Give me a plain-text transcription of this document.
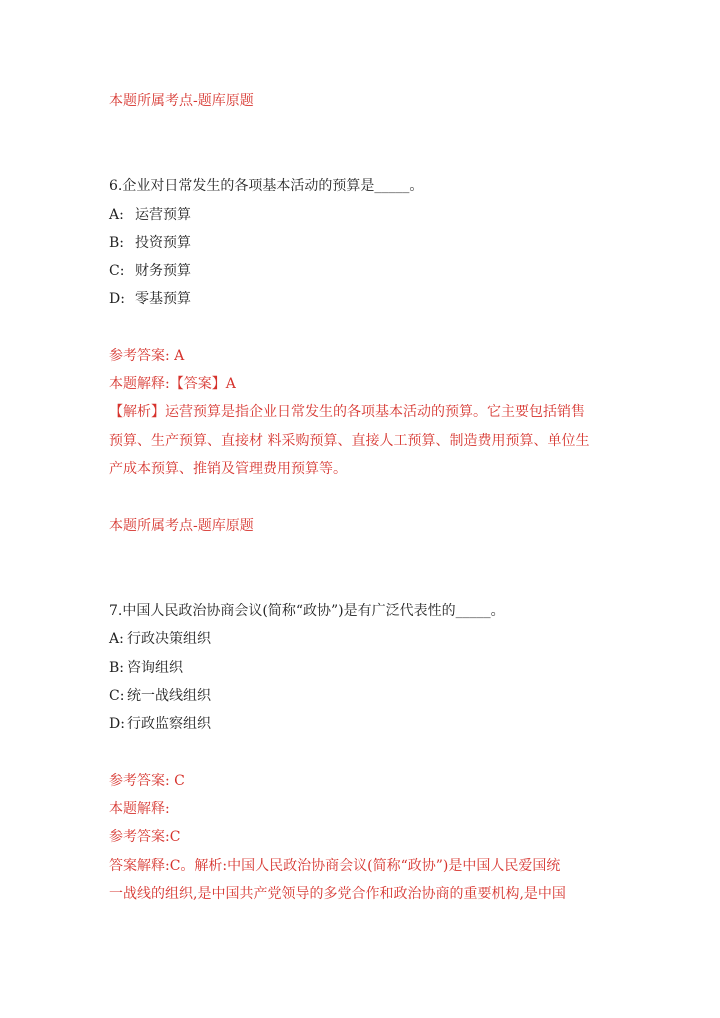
本题所属考点-题库原题
6.企业对日常发生的各项基本活动的预算是_____。
A: 运营预算
B: 投资预算
C: 财务预算
D: 零基预算
参考答案: A
本题解释:【答案】A
【解析】运营预算是指企业日常发生的各项基本活动的预算。它主要包括销售
预算、生产预算、直接材 料采购预算、直接人工预算、制造费用预算、单位生
产成本预算、推销及管理费用预算等。
本题所属考点-题库原题
7.中国人民政治协商会议(简称“政协”)是有广泛代表性的_____。
A: 行政决策组织
B: 咨询组织
C: 统一战线组织
D: 行政监察组织
参考答案: C
本题解释:
参考答案:C
答案解释:C。解析:中国人民政治协商会议(简称“政协”)是中国人民爱国统
一战线的组织,是中国共产党领导的多党合作和政治协商的重要机构,是中国
